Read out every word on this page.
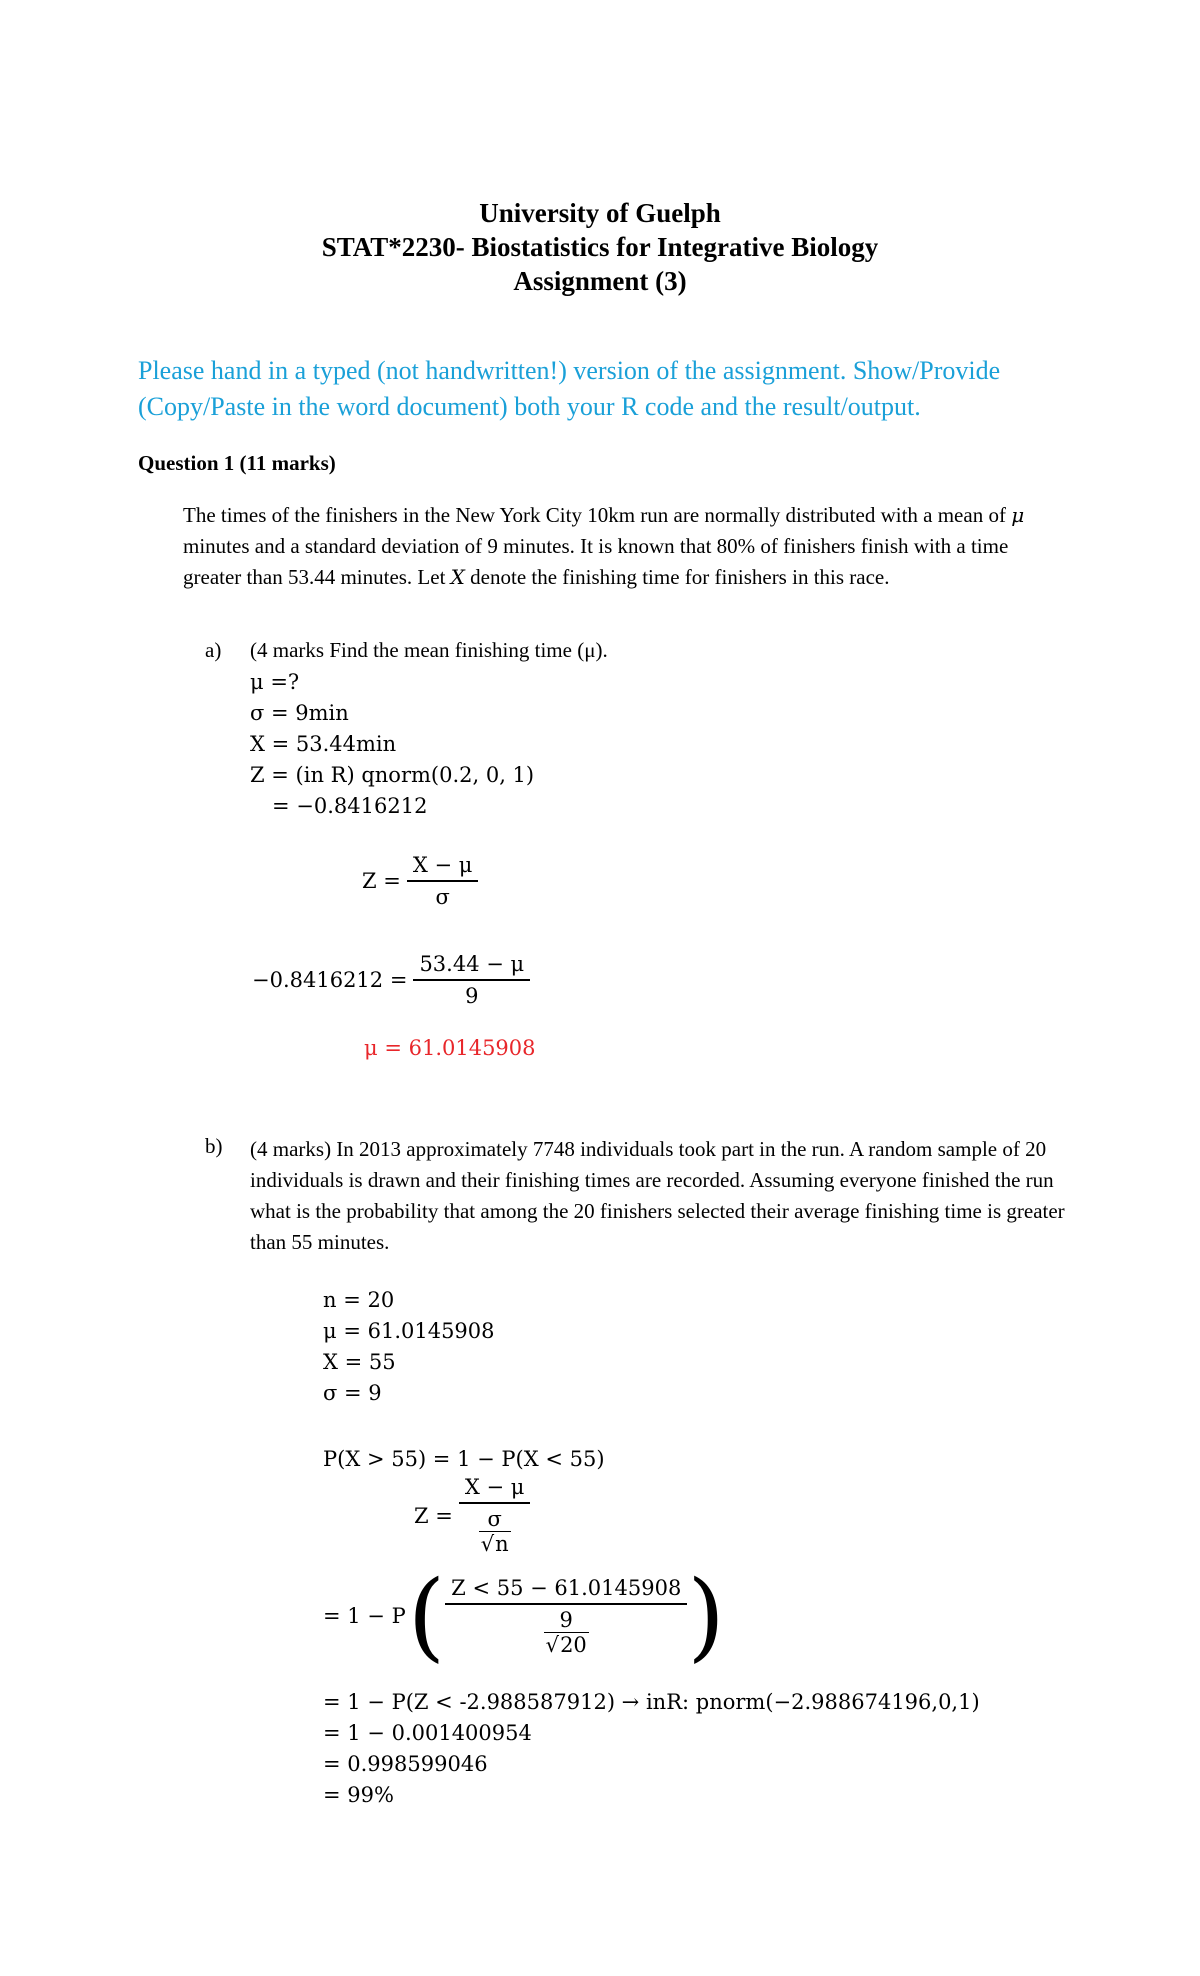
University of Guelph
STAT*2230- Biostatistics for Integrative Biology
Assignment (3)
Please hand in a typed (not handwritten!) version of the assignment. Show/Provide
(Copy/Paste in the word document) both your R code and the result/output.
Question 1 (11 marks)
The times of the finishers in the New York City 10km run are normally distributed with a mean of μ minutes and a standard deviation of 9 minutes. It is known that 80% of finishers finish with a time greater than 53.44 minutes. Let X denote the finishing time for finishers in this race.
a) (4 marks Find the mean finishing time (μ).
μ =?
σ = 9min
X = 53.44min
Z = (in R) qnorm(0.2, 0, 1)
= −0.8416212
$Z = \frac{X - \mu}{\sigma}$
$-0.8416212 = \frac{53.44 - \mu}{9}$
μ = 61.0145908
b) (4 marks) In 2013 approximately 7748 individuals took part in the run. A random sample of 20 individuals is drawn and their finishing times are recorded. Assuming everyone finished the run what is the probability that among the 20 finishers selected their average finishing time is greater than 55 minutes.
n = 20
μ = 61.0145908
X = 55
σ = 9
P(X > 55) = 1 − P(X < 55)
Z = X − μ
σ
√n
= 1 − P ( Z < 55 − 61.0145908
9
√20 )
= 1 − P(Z < -2.988587912) → inR: pnorm(−2.988674196,0,1)
= 1 − 0.001400954
= 0.998599046
= 99%
